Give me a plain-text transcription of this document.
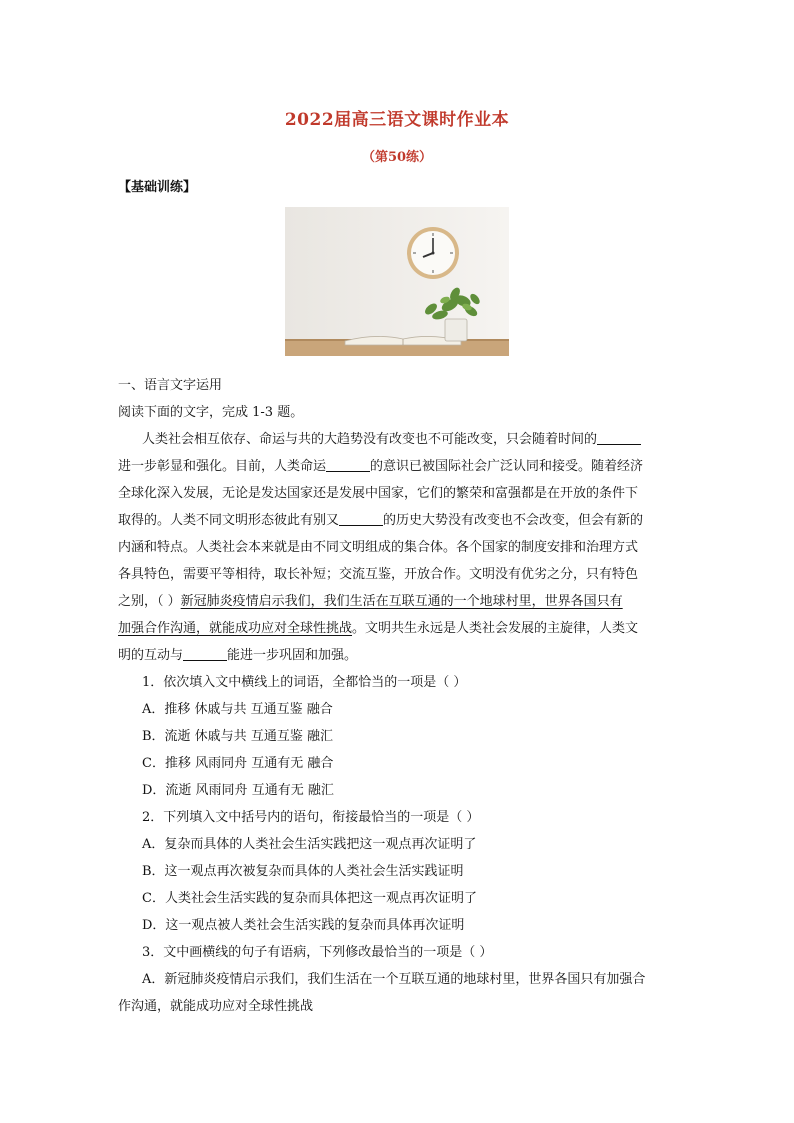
2022届高三语文课时作业本
（第50练）
【基础训练】
一、语言文字运用
阅读下面的文字，完成 1-3 题。
人类社会相互依存、命运与共的大趋势没有改变也不可能改变，只会随着时间的
进一步彰显和强化。目前，人类命运	的意识已被国际社会广泛认同和接受。随着经济
全球化深入发展，无论是发达国家还是发展中国家，它们的繁荣和富强都是在开放的条件下
取得的。人类不同文明形态彼此有别又	的历史大势没有改变也不会改变，但会有新的
内涵和特点。人类社会本来就是由不同文明组成的集合体。各个国家的制度安排和治理方式
各具特色，需要平等相待，取长补短；交流互鉴，开放合作。文明没有优劣之分，只有特色
之别，（ ）新冠肺炎疫情启示我们，我们生活在互联互通的一个地球村里，世界各国只有
加强合作沟通，就能成功应对全球性挑战。文明共生永远是人类社会发展的主旋律，人类文
明的互动与	能进一步巩固和加强。
1．依次填入文中横线上的词语，全都恰当的一项是（ ）
A．推移 休戚与共 互通互鉴 融合
B．流逝 休戚与共 互通互鉴 融汇
C．推移 风雨同舟 互通有无 融合
D．流逝 风雨同舟 互通有无 融汇
2．下列填入文中括号内的语句，衔接最恰当的一项是（ ）
A．复杂而具体的人类社会生活实践把这一观点再次证明了
B．这一观点再次被复杂而具体的人类社会生活实践证明
C．人类社会生活实践的复杂而具体把这一观点再次证明了
D．这一观点被人类社会生活实践的复杂而具体再次证明
3．文中画横线的句子有语病，下列修改最恰当的一项是（ ）
A．新冠肺炎疫情启示我们，我们生活在一个互联互通的地球村里，世界各国只有加强合
作沟通，就能成功应对全球性挑战
